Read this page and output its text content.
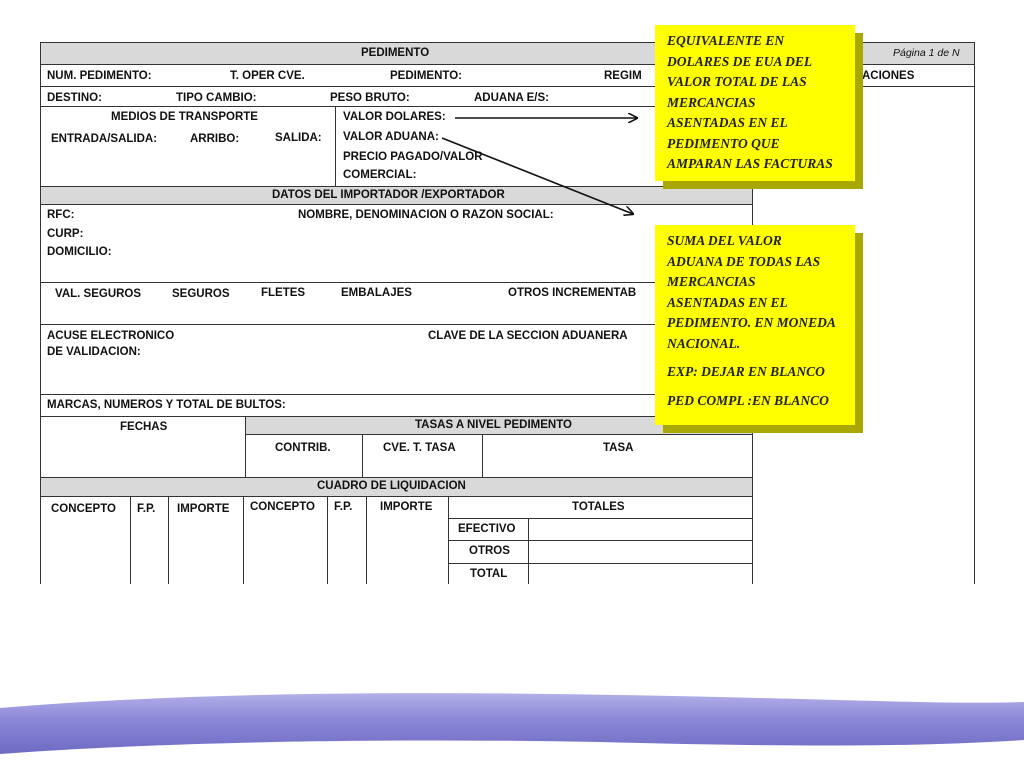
PEDIMENTO	Página 1 de N
NUM. PEDIMENTO:	T. OPER CVE.	PEDIMENTO:	REGIM	ACIONES
DESTINO:	TIPO CAMBIO:	PESO BRUTO:	ADUANA E/S:
MEDIOS DE TRANSPORTE
ENTRADA/SALIDA:	ARRIBO:	SALIDA:
VALOR DOLARES:
VALOR ADUANA:
PRECIO PAGADO/VALOR
COMERCIAL:
DATOS DEL IMPORTADOR /EXPORTADOR
RFC:	NOMBRE, DENOMINACION O RAZON SOCIAL:
CURP:
DOMICILIO:
VAL. SEGUROS	SEGUROS	FLETES	EMBALAJES	OTROS INCREMENTAB
ACUSE ELECTRONICO
DE VALIDACION:
CLAVE DE LA SECCION ADUANERA
MARCAS, NUMEROS Y TOTAL DE BULTOS:
FECHAS	TASAS A NIVEL PEDIMENTO
CONTRIB.	CVE. T. TASA	TASA
CUADRO DE LIQUIDACION
CONCEPTO F.P. IMPORTE CONCEPTO F.P. IMPORTE	TOTALES
EFECTIVO
OTROS
TOTAL

EQUIVALENTE EN
DOLARES DE EUA DEL
VALOR TOTAL DE LAS
MERCANCIAS
ASENTADAS EN EL
PEDIMENTO QUE
AMPARAN LAS FACTURAS

SUMA DEL VALOR
ADUANA DE TODAS LAS
MERCANCIAS
ASENTADAS EN EL
PEDIMENTO. EN MONEDA
NACIONAL.

EXP: DEJAR EN BLANCO

PED COMPL :EN BLANCO
